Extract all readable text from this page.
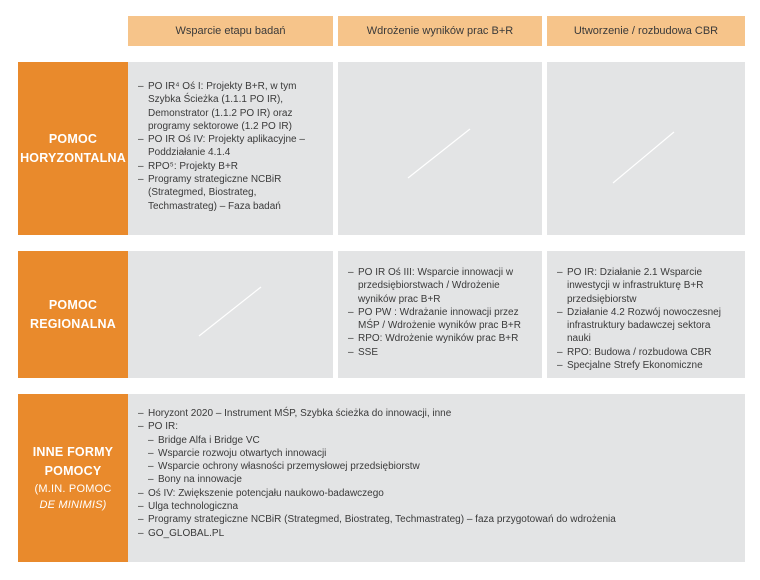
Wsparcie etapu badań	Wdrożenie wyników prac B+R	Utworzenie / rozbudowa CBR
POMOC
HORYZONTALNA
– PO IR⁴ Oś I: Projekty B+R, w tym Szybka Ścieżka (1.1.1 PO IR), Demonstrator (1.1.2 PO IR) oraz programy sektorowe (1.2 PO IR)
– PO IR Oś IV: Projekty aplikacyjne – Poddziałanie 4.1.4
– RPO⁵: Projekty B+R
– Programy strategiczne NCBiR (Strategmed, Biostrateg, Techmastrateg) – Faza badań
POMOC
REGIONALNA
– PO IR Oś III: Wsparcie innowacji w przedsiębiorstwach / Wdrożenie wyników prac B+R
– PO PW : Wdrażanie innowacji przez MŚP / Wdrożenie wyników prac B+R
– RPO: Wdrożenie wyników prac B+R
– SSE
– PO IR: Działanie 2.1 Wsparcie inwestycji w infrastrukturę B+R przedsiębiorstw
– Działanie 4.2 Rozwój nowoczesnej infrastruktury badawczej sektora nauki
– RPO: Budowa / rozbudowa CBR
– Specjalne Strefy Ekonomiczne
INNE FORMY
POMOCY
(M.IN. POMOC
DE MINIMIS)
– Horyzont 2020 – Instrument MŚP, Szybka ścieżka do innowacji, inne
– PO IR:
– Bridge Alfa i Bridge VC
– Wsparcie rozwoju otwartych innowacji
– Wsparcie ochrony własności przemysłowej przedsiębiorstw
– Bony na innowacje
– Oś IV: Zwiększenie potencjału naukowo-badawczego
– Ulga technologiczna
– Programy strategiczne NCBiR (Strategmed, Biostrateg, Techmastrateg) – faza przygotowań do wdrożenia
– GO_GLOBAL.PL
